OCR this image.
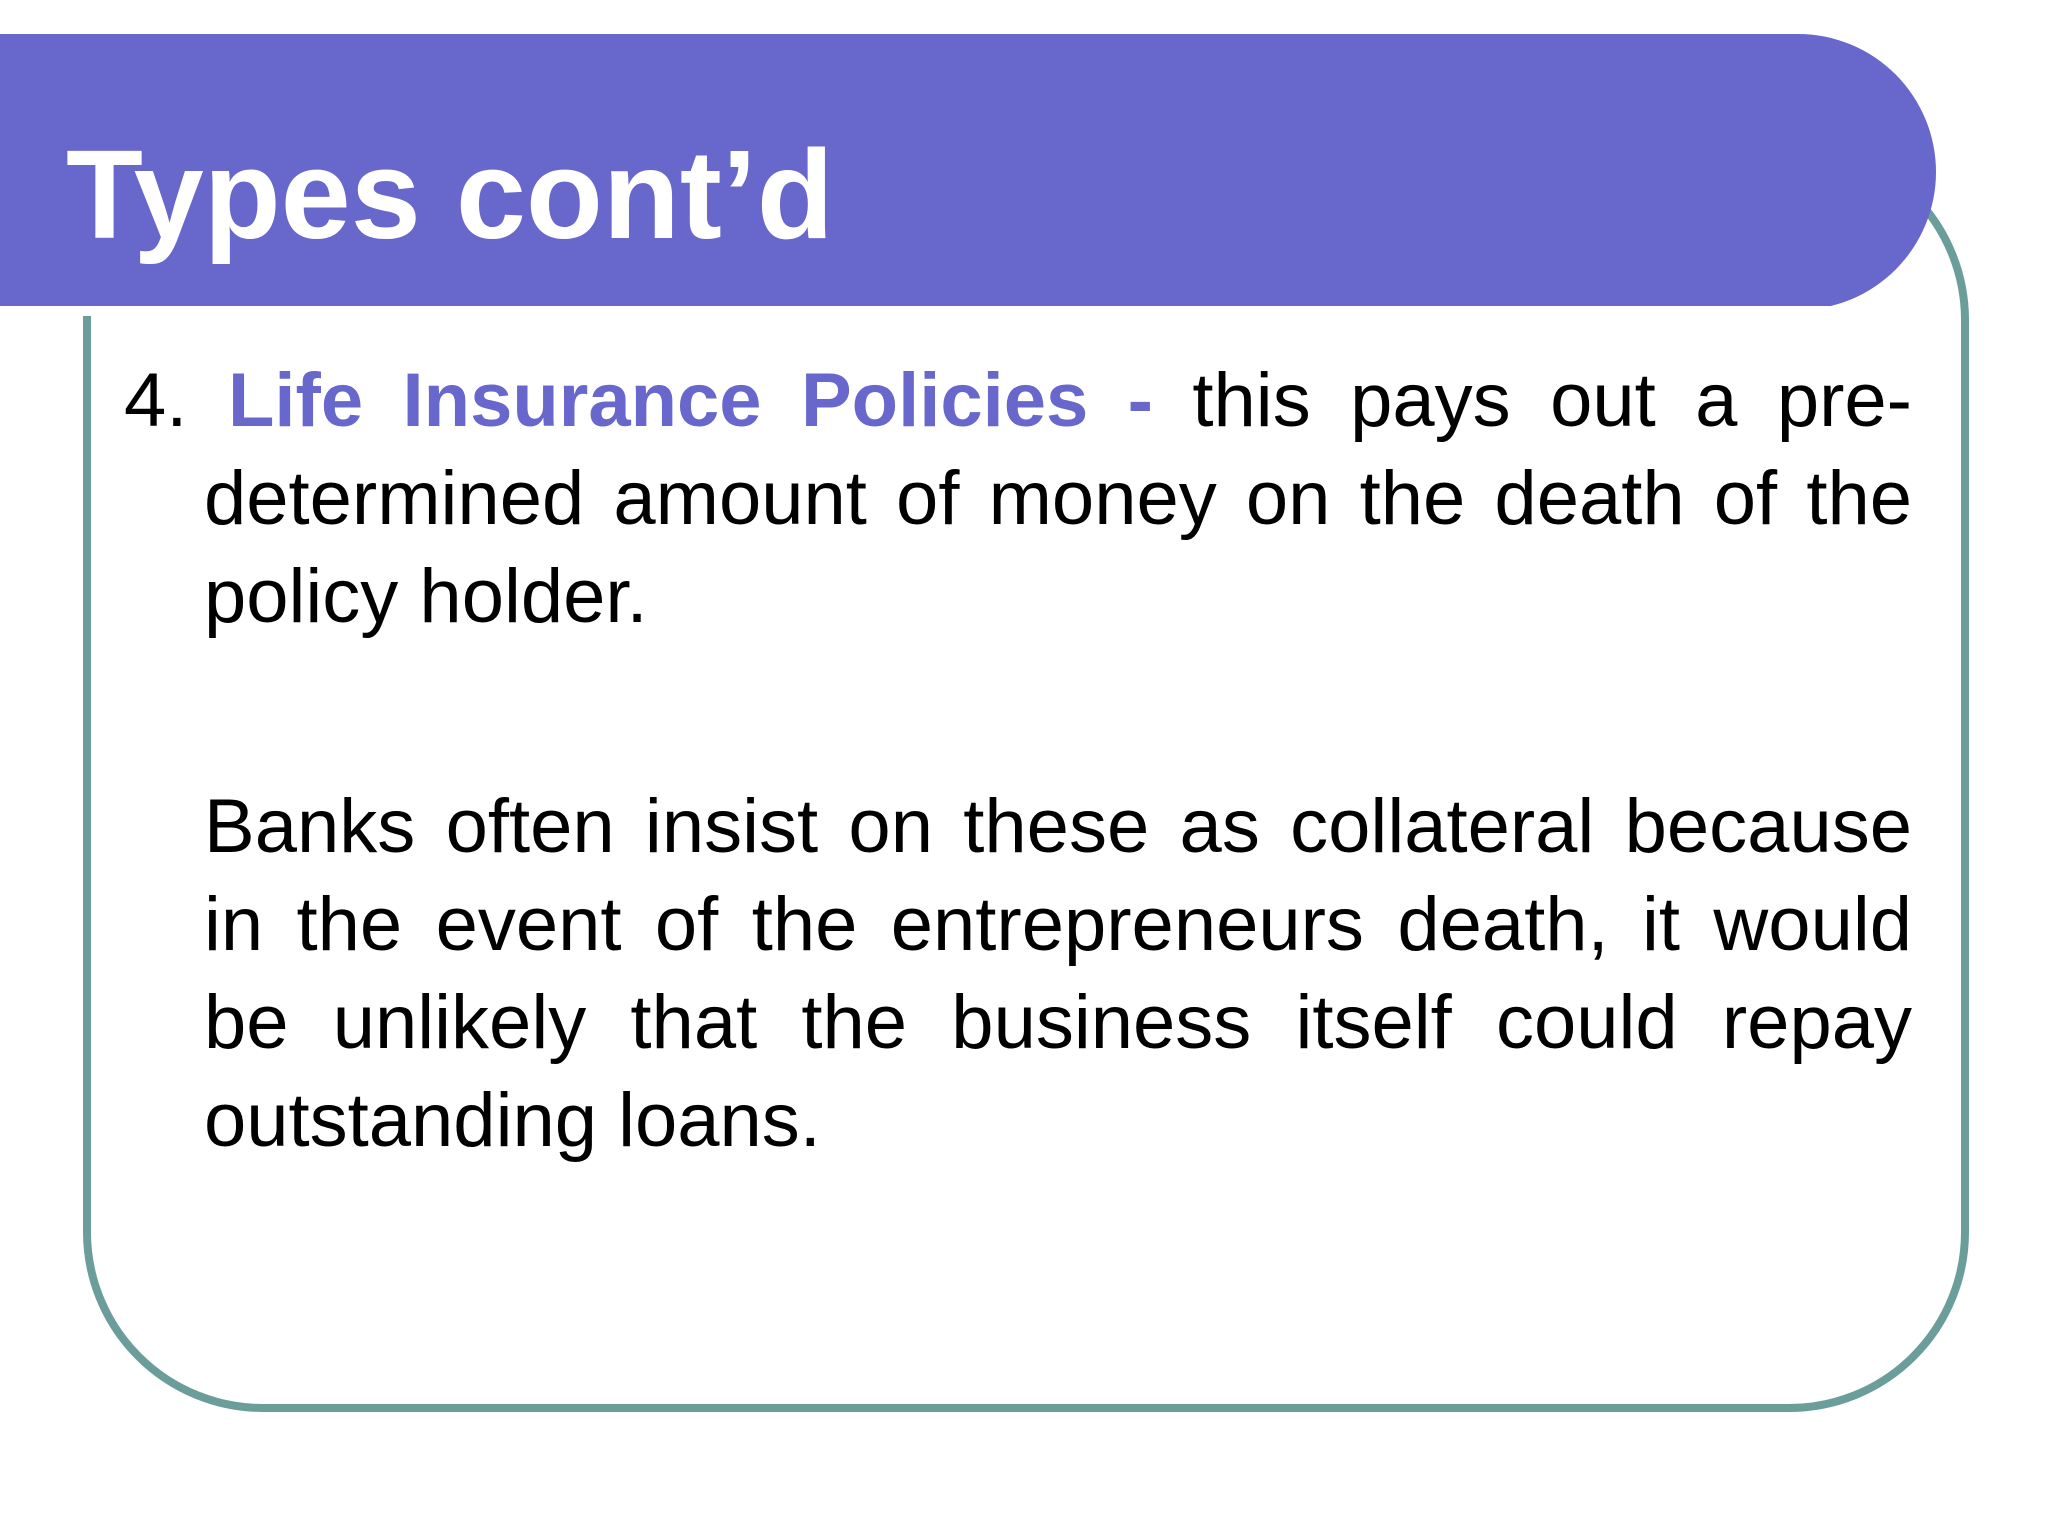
Types cont’d

4. Life Insurance Policies - this pays out a pre-determined amount of money on the death of the policy holder.

Banks often insist on these as collateral because in the event of the entrepreneurs death, it would be unlikely that the business itself could repay outstanding loans.
